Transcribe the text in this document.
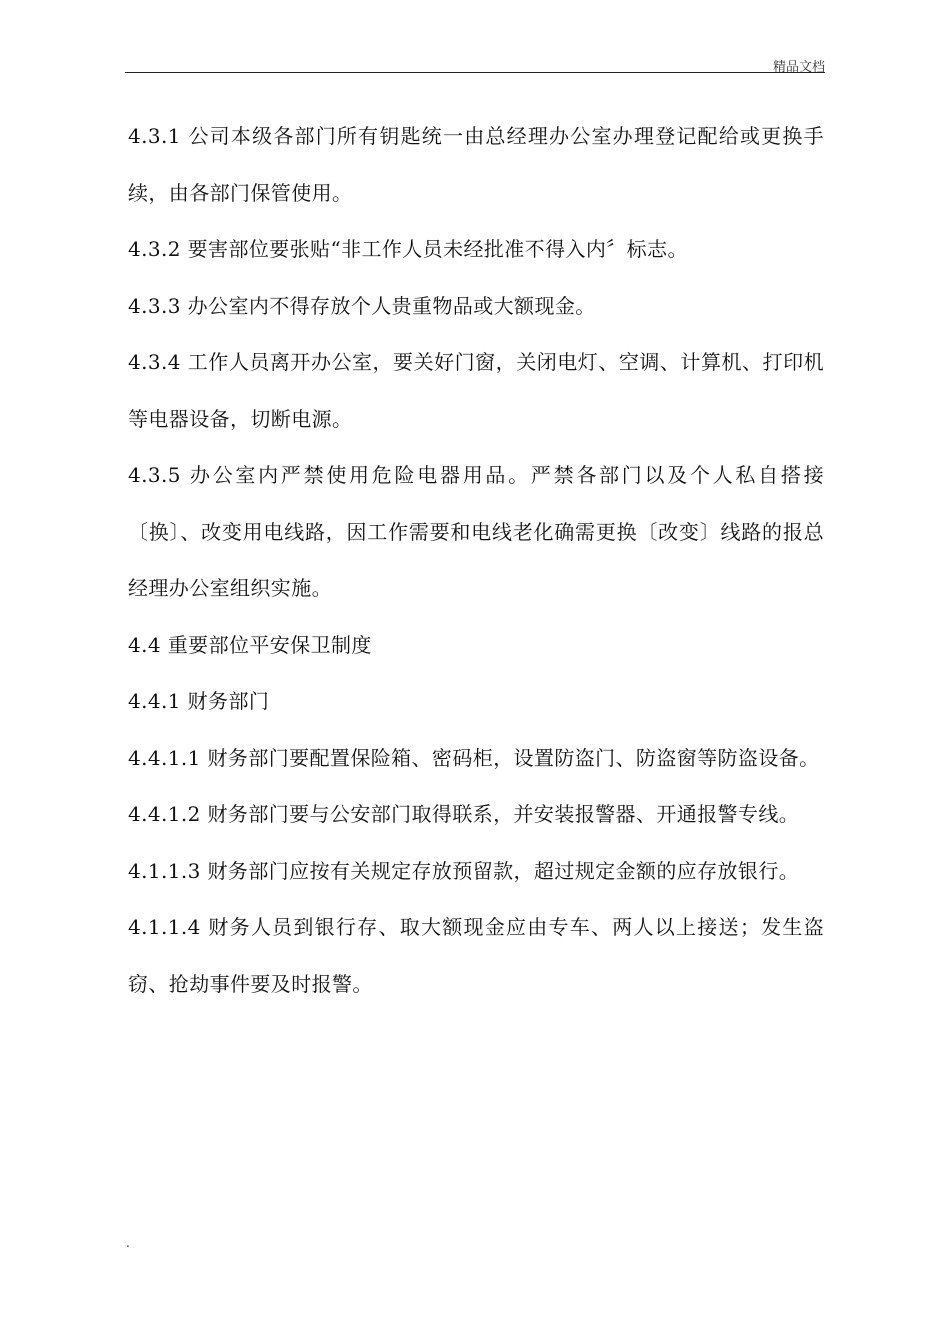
精品文档

4.3.1 公司本级各部门所有钥匙统一由总经理办公室办理登记配给或更换手续，由各部门保管使用。

4.3.2 要害部位要张贴“非工作人员未经批准不得入内〞标志。

4.3.3 办公室内不得存放个人贵重物品或大额现金。

4.3.4 工作人员离开办公室，要关好门窗，关闭电灯、空调、计算机、打印机等电器设备，切断电源。

4.3.5 办公室内严禁使用危险电器用品。严禁各部门以及个人私自搭接〔换〕、改变用电线路，因工作需要和电线老化确需更换〔改变〕线路的报总经理办公室组织实施。

4.4 重要部位平安保卫制度

4.4.1 财务部门

4.4.1.1 财务部门要配置保险箱、密码柜，设置防盗门、防盗窗等防盗设备。

4.4.1.2 财务部门要与公安部门取得联系，并安装报警器、开通报警专线。

4.1.1.3 财务部门应按有关规定存放预留款，超过规定金额的应存放银行。

4.1.1.4 财务人员到银行存、取大额现金应由专车、两人以上接送；发生盗窃、抢劫事件要及时报警。

.
